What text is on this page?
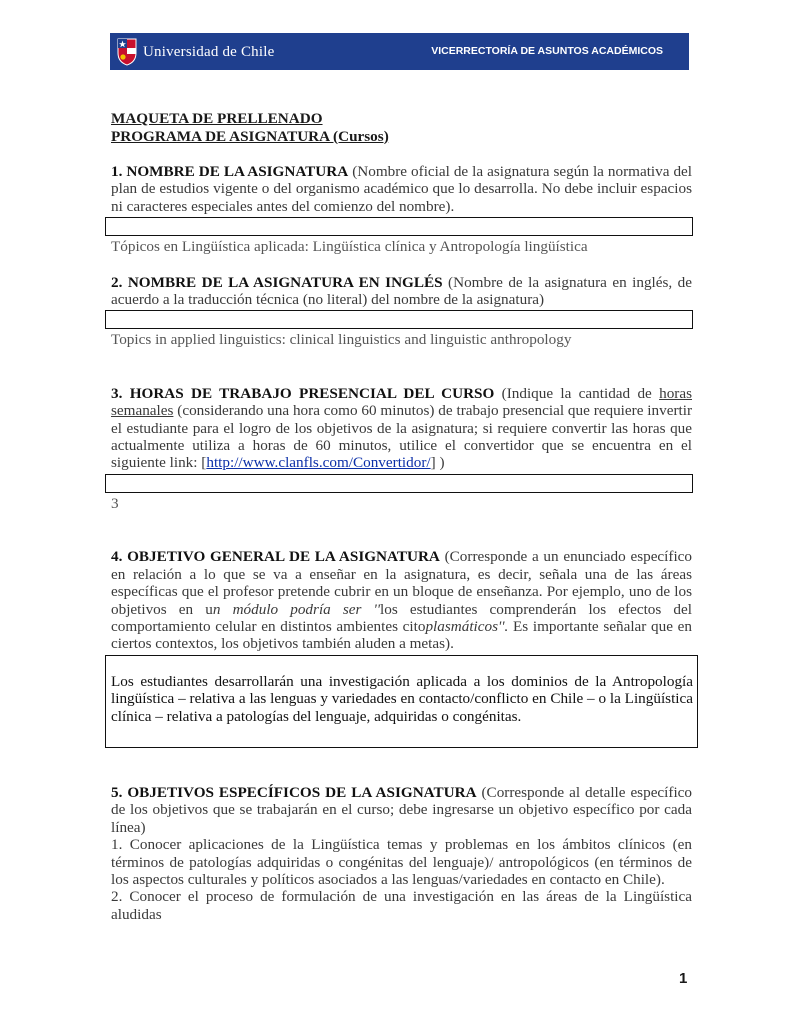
Universidad de Chile	VICERRECTORÍA DE ASUNTOS ACADÉMICOS
MAQUETA DE PRELLENADO
PROGRAMA DE ASIGNATURA (Cursos)

1. NOMBRE DE LA ASIGNATURA (Nombre oficial de la asignatura según la normativa del plan de estudios vigente o del organismo académico que lo desarrolla. No debe incluir espacios ni caracteres especiales antes del comienzo del nombre).

Tópicos en Lingüística aplicada: Lingüística clínica y Antropología lingüística

2. NOMBRE DE LA ASIGNATURA EN INGLÉS (Nombre de la asignatura en inglés, de acuerdo a la traducción técnica (no literal) del nombre de la asignatura)

Topics in applied linguistics: clinical linguistics and linguistic anthropology

3. HORAS DE TRABAJO PRESENCIAL DEL CURSO (Indique la cantidad de horas semanales (considerando una hora como 60 minutos) de trabajo presencial que requiere invertir el estudiante para el logro de los objetivos de la asignatura; si requiere convertir las horas que actualmente utiliza a horas de 60 minutos, utilice el convertidor que se encuentra en el siguiente link: [http://www.clanfls.com/Convertidor/] )

3

4. OBJETIVO GENERAL DE LA ASIGNATURA (Corresponde a un enunciado específico en relación a lo que se va a enseñar en la asignatura, es decir, señala una de las áreas específicas que el profesor pretende cubrir en un bloque de enseñanza. Por ejemplo, uno de los objetivos en un módulo podría ser ''los estudiantes comprenderán los efectos del comportamiento celular en distintos ambientes citoplasmáticos''. Es importante señalar que en ciertos contextos, los objetivos también aluden a metas).

Los estudiantes desarrollarán una investigación aplicada a los dominios de la Antropología lingüística – relativa a las lenguas y variedades en contacto/conflicto en Chile – o la Lingüística clínica – relativa a patologías del lenguaje, adquiridas o congénitas.

5. OBJETIVOS ESPECÍFICOS DE LA ASIGNATURA (Corresponde al detalle específico de los objetivos que se trabajarán en el curso; debe ingresarse un objetivo específico por cada línea)

1. Conocer aplicaciones de la Lingüística temas y problemas en los ámbitos clínicos (en términos de patologías adquiridas o congénitas del lenguaje)/ antropológicos (en términos de los aspectos culturales y políticos asociados a las lenguas/variedades en contacto en Chile).

2. Conocer el proceso de formulación de una investigación en las áreas de la Lingüística aludidas

1
